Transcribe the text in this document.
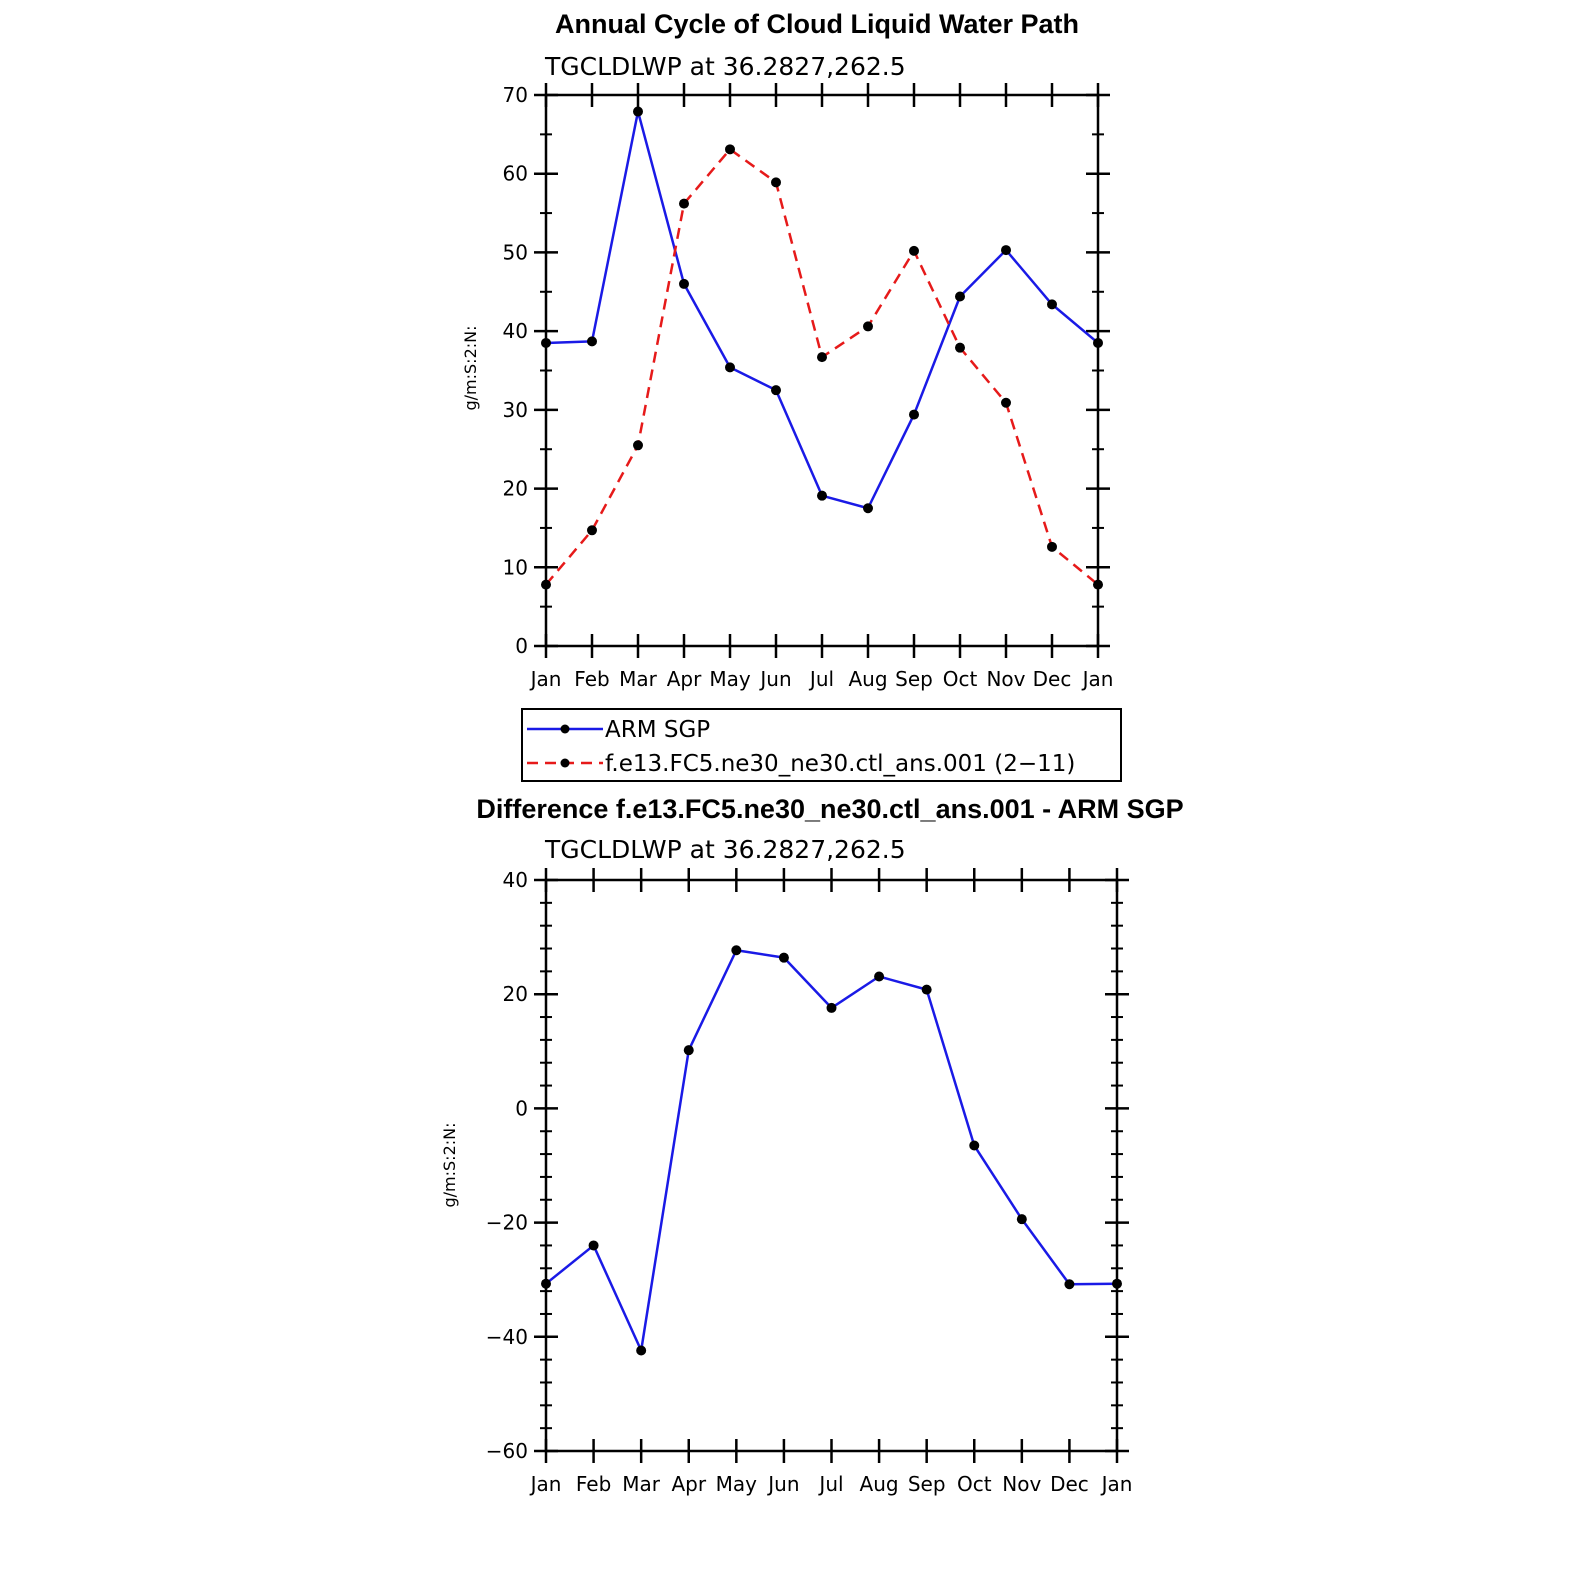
Annual Cycle of Cloud Liquid Water Path
TGCLDLWP at 36.2827,262.5
g/m:S:2:N:
Jan Feb Mar Apr May Jun Jul Aug Sep Oct Nov Dec Jan
0
10
20
30
40
50
60
70
ARM SGP
f.e13.FC5.ne30_ne30.ctl_ans.001 (2−11)
Difference f.e13.FC5.ne30_ne30.ctl_ans.001 - ARM SGP
TGCLDLWP at 36.2827,262.5
g/m:S:2:N:
Jan Feb Mar Apr May Jun Jul Aug Sep Oct Nov Dec Jan
−60
−40
−20
0
20
40
